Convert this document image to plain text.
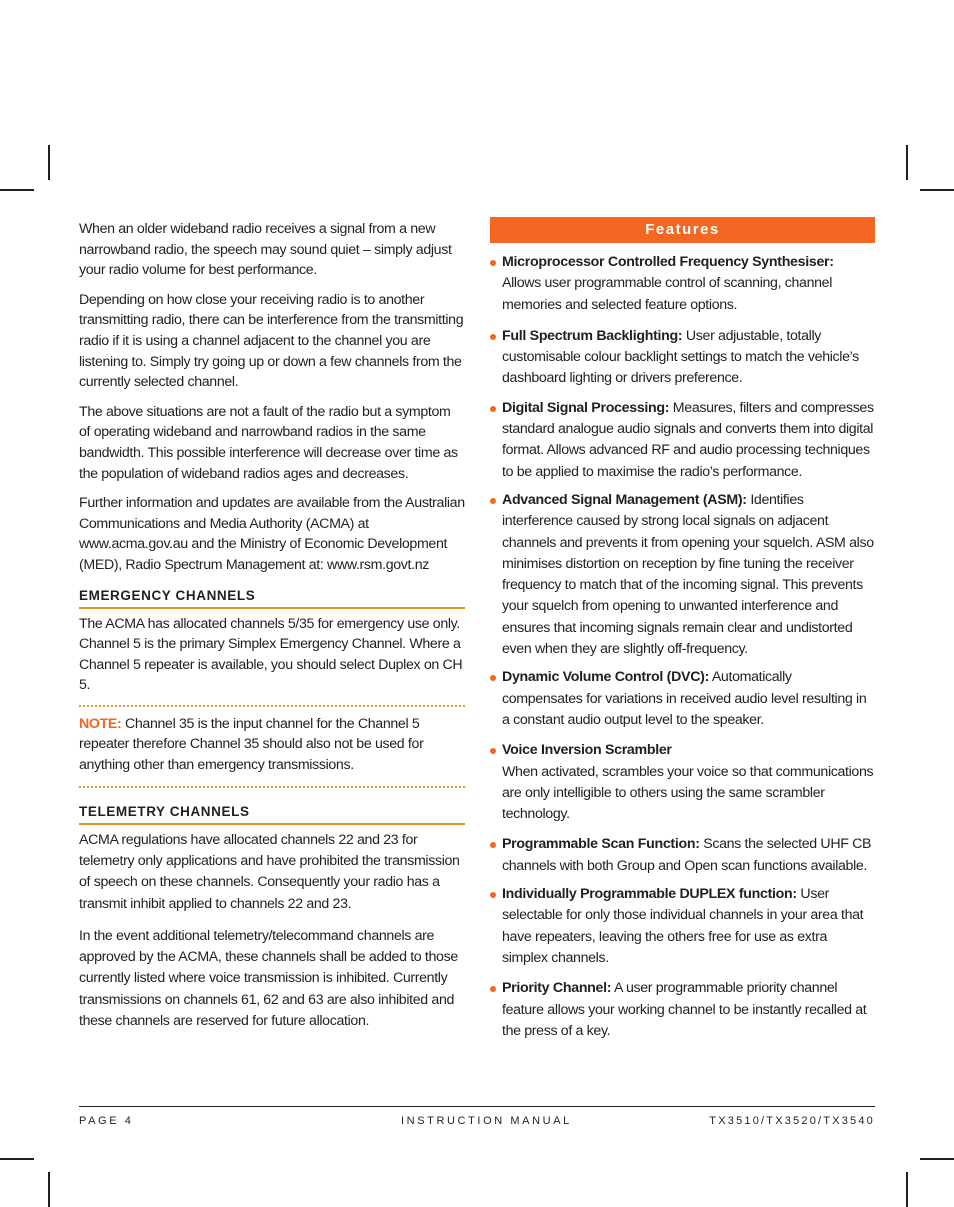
When an older wideband radio receives a signal from a new narrowband radio, the speech may sound quiet – simply adjust your radio volume for best performance.

Depending on how close your receiving radio is to another transmitting radio, there can be interference from the transmitting radio if it is using a channel adjacent to the channel you are listening to. Simply try going up or down a few channels from the currently selected channel.

The above situations are not a fault of the radio but a symptom of operating wideband and narrowband radios in the same bandwidth. This possible interference will decrease over time as the population of wideband radios ages and decreases.

Further information and updates are available from the Australian Communications and Media Authority (ACMA) at www.acma.gov.au and the Ministry of Economic Development (MED), Radio Spectrum Management at: www.rsm.govt.nz

EMERGENCY CHANNELS

The ACMA has allocated channels 5/35 for emergency use only. Channel 5 is the primary Simplex Emergency Channel. Where a Channel 5 repeater is available, you should select Duplex on CH 5.

NOTE: Channel 35 is the input channel for the Channel 5 repeater therefore Channel 35 should also not be used for anything other than emergency transmissions.

TELEMETRY CHANNELS

ACMA regulations have allocated channels 22 and 23 for telemetry only applications and have prohibited the transmission of speech on these channels. Consequently your radio has a transmit inhibit applied to channels 22 and 23.

In the event additional telemetry/telecommand channels are approved by the ACMA, these channels shall be added to those currently listed where voice transmission is inhibited. Currently transmissions on channels 61, 62 and 63 are also inhibited and these channels are reserved for future allocation.

Features
Microprocessor Controlled Frequency Synthesiser:
Allows user programmable control of scanning, channel memories and selected feature options.
Full Spectrum Backlighting: User adjustable, totally customisable colour backlight settings to match the vehicle’s dashboard lighting or drivers preference.
Digital Signal Processing: Measures, filters and compresses standard analogue audio signals and converts them into digital format. Allows advanced RF and audio processing techniques to be applied to maximise the radio’s performance.
Advanced Signal Management (ASM): Identifies interference caused by strong local signals on adjacent channels and prevents it from opening your squelch. ASM also minimises distortion on reception by fine tuning the receiver frequency to match that of the incoming signal. This prevents your squelch from opening to unwanted interference and ensures that incoming signals remain clear and undistorted even when they are slightly off-frequency.
Dynamic Volume Control (DVC): Automatically compensates for variations in received audio level resulting in a constant audio output level to the speaker.
Voice Inversion Scrambler
When activated, scrambles your voice so that communications are only intelligible to others using the same scrambler technology.
Programmable Scan Function: Scans the selected UHF CB channels with both Group and Open scan functions available.
Individually Programmable DUPLEX function: User selectable for only those individual channels in your area that have repeaters, leaving the others free for use as extra simplex channels.
Priority Channel: A user programmable priority channel feature allows your working channel to be instantly recalled at the press of a key.
PAGE 4	INSTRUCTION MANUAL	TX3510/TX3520/TX3540
